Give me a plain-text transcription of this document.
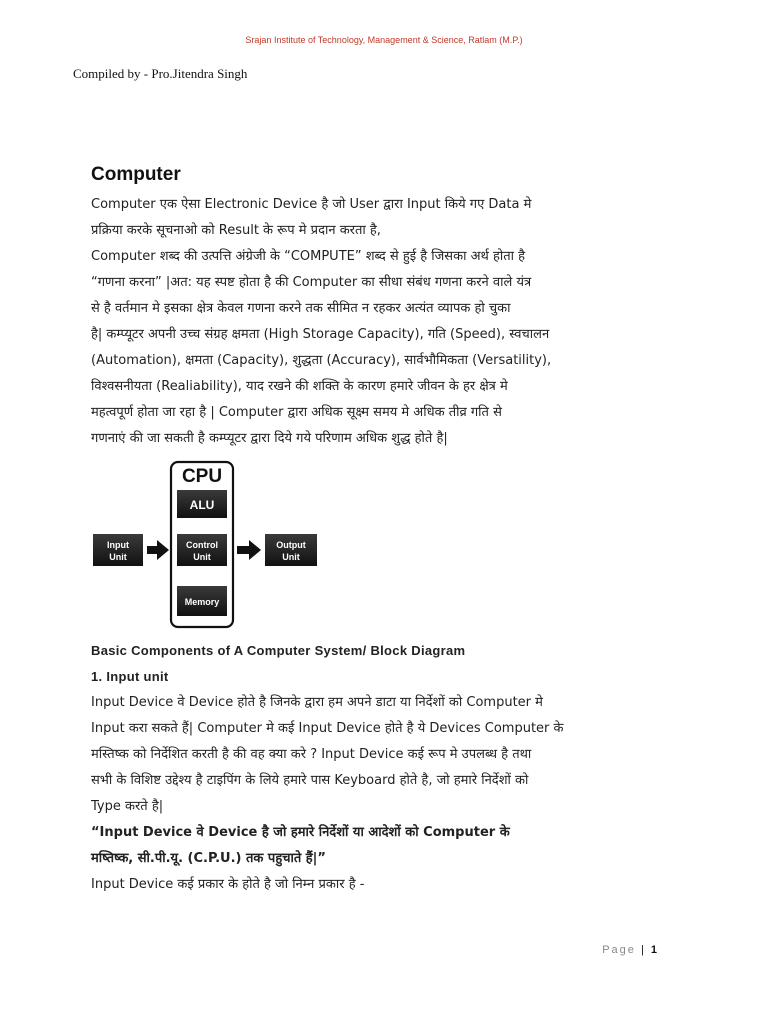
Srajan Institute of Technology, Management & Science, Ratlam (M.P.)
Compiled by - Pro.Jitendra Singh
Computer

Computer एक ऐसा Electronic Device है जो User द्वारा Input किये गए Data मे
प्रक्रिया करके सूचनाओ को Result के रूप मे प्रदान करता है,
Computer शब्द की उत्पत्ति अंग्रेजी के “COMPUTE” शब्द से हुई है जिसका अर्थ होता है
“गणना करना” |अत: यह स्पष्ट होता है की Computer का सीधा संबंध गणना करने वाले यंत्र
से है वर्तमान मे इसका क्षेत्र केवल गणना करने तक सीमित न रहकर अत्यंत व्यापक हो चुका
है| कम्प्यूटर अपनी उच्च संग्रह क्षमता (High Storage Capacity), गति (Speed), स्वचालन
(Automation), क्षमता (Capacity), शुद्धता (Accuracy), सार्वभौमिकता (Versatility),
विश्वसनीयता (Realiability), याद रखने की शक्ति के कारण हमारे जीवन के हर क्षेत्र मे
महत्वपूर्ण होता जा रहा है | Computer द्वारा अधिक सूक्ष्म समय मे अधिक तीव्र गति से
गणनाएं की जा सकती है कम्प्यूटर द्वारा दिये गये परिणाम अधिक शुद्ध होते है|

CPU
ALU
Control
Unit
Memory
Input
Unit
Output
Unit

Basic Components of A Computer System/ Block Diagram

1. Input unit

Input Device वे Device होते है जिनके द्वारा हम अपने डाटा या निर्देशों को Computer मे
Input करा सकते हैं| Computer मे कई Input Device होते है ये Devices Computer के
मस्तिष्क को निर्देशित करती है की वह क्या करे ? Input Device कई रूप मे उपलब्ध है तथा
सभी के विशिष्ट उद्देश्य है टाइपिंग के लिये हमारे पास Keyboard होते है, जो हमारे निर्देशों को
Type करते है|

“Input Device वे Device है जो हमारे निर्देशों या आदेशों को Computer के
मष्तिष्क, सी.पी.यू. (C.P.U.) तक पहुचाते हैं|”

Input Device कई प्रकार के होते है जो निम्न प्रकार है -

Page | 1
